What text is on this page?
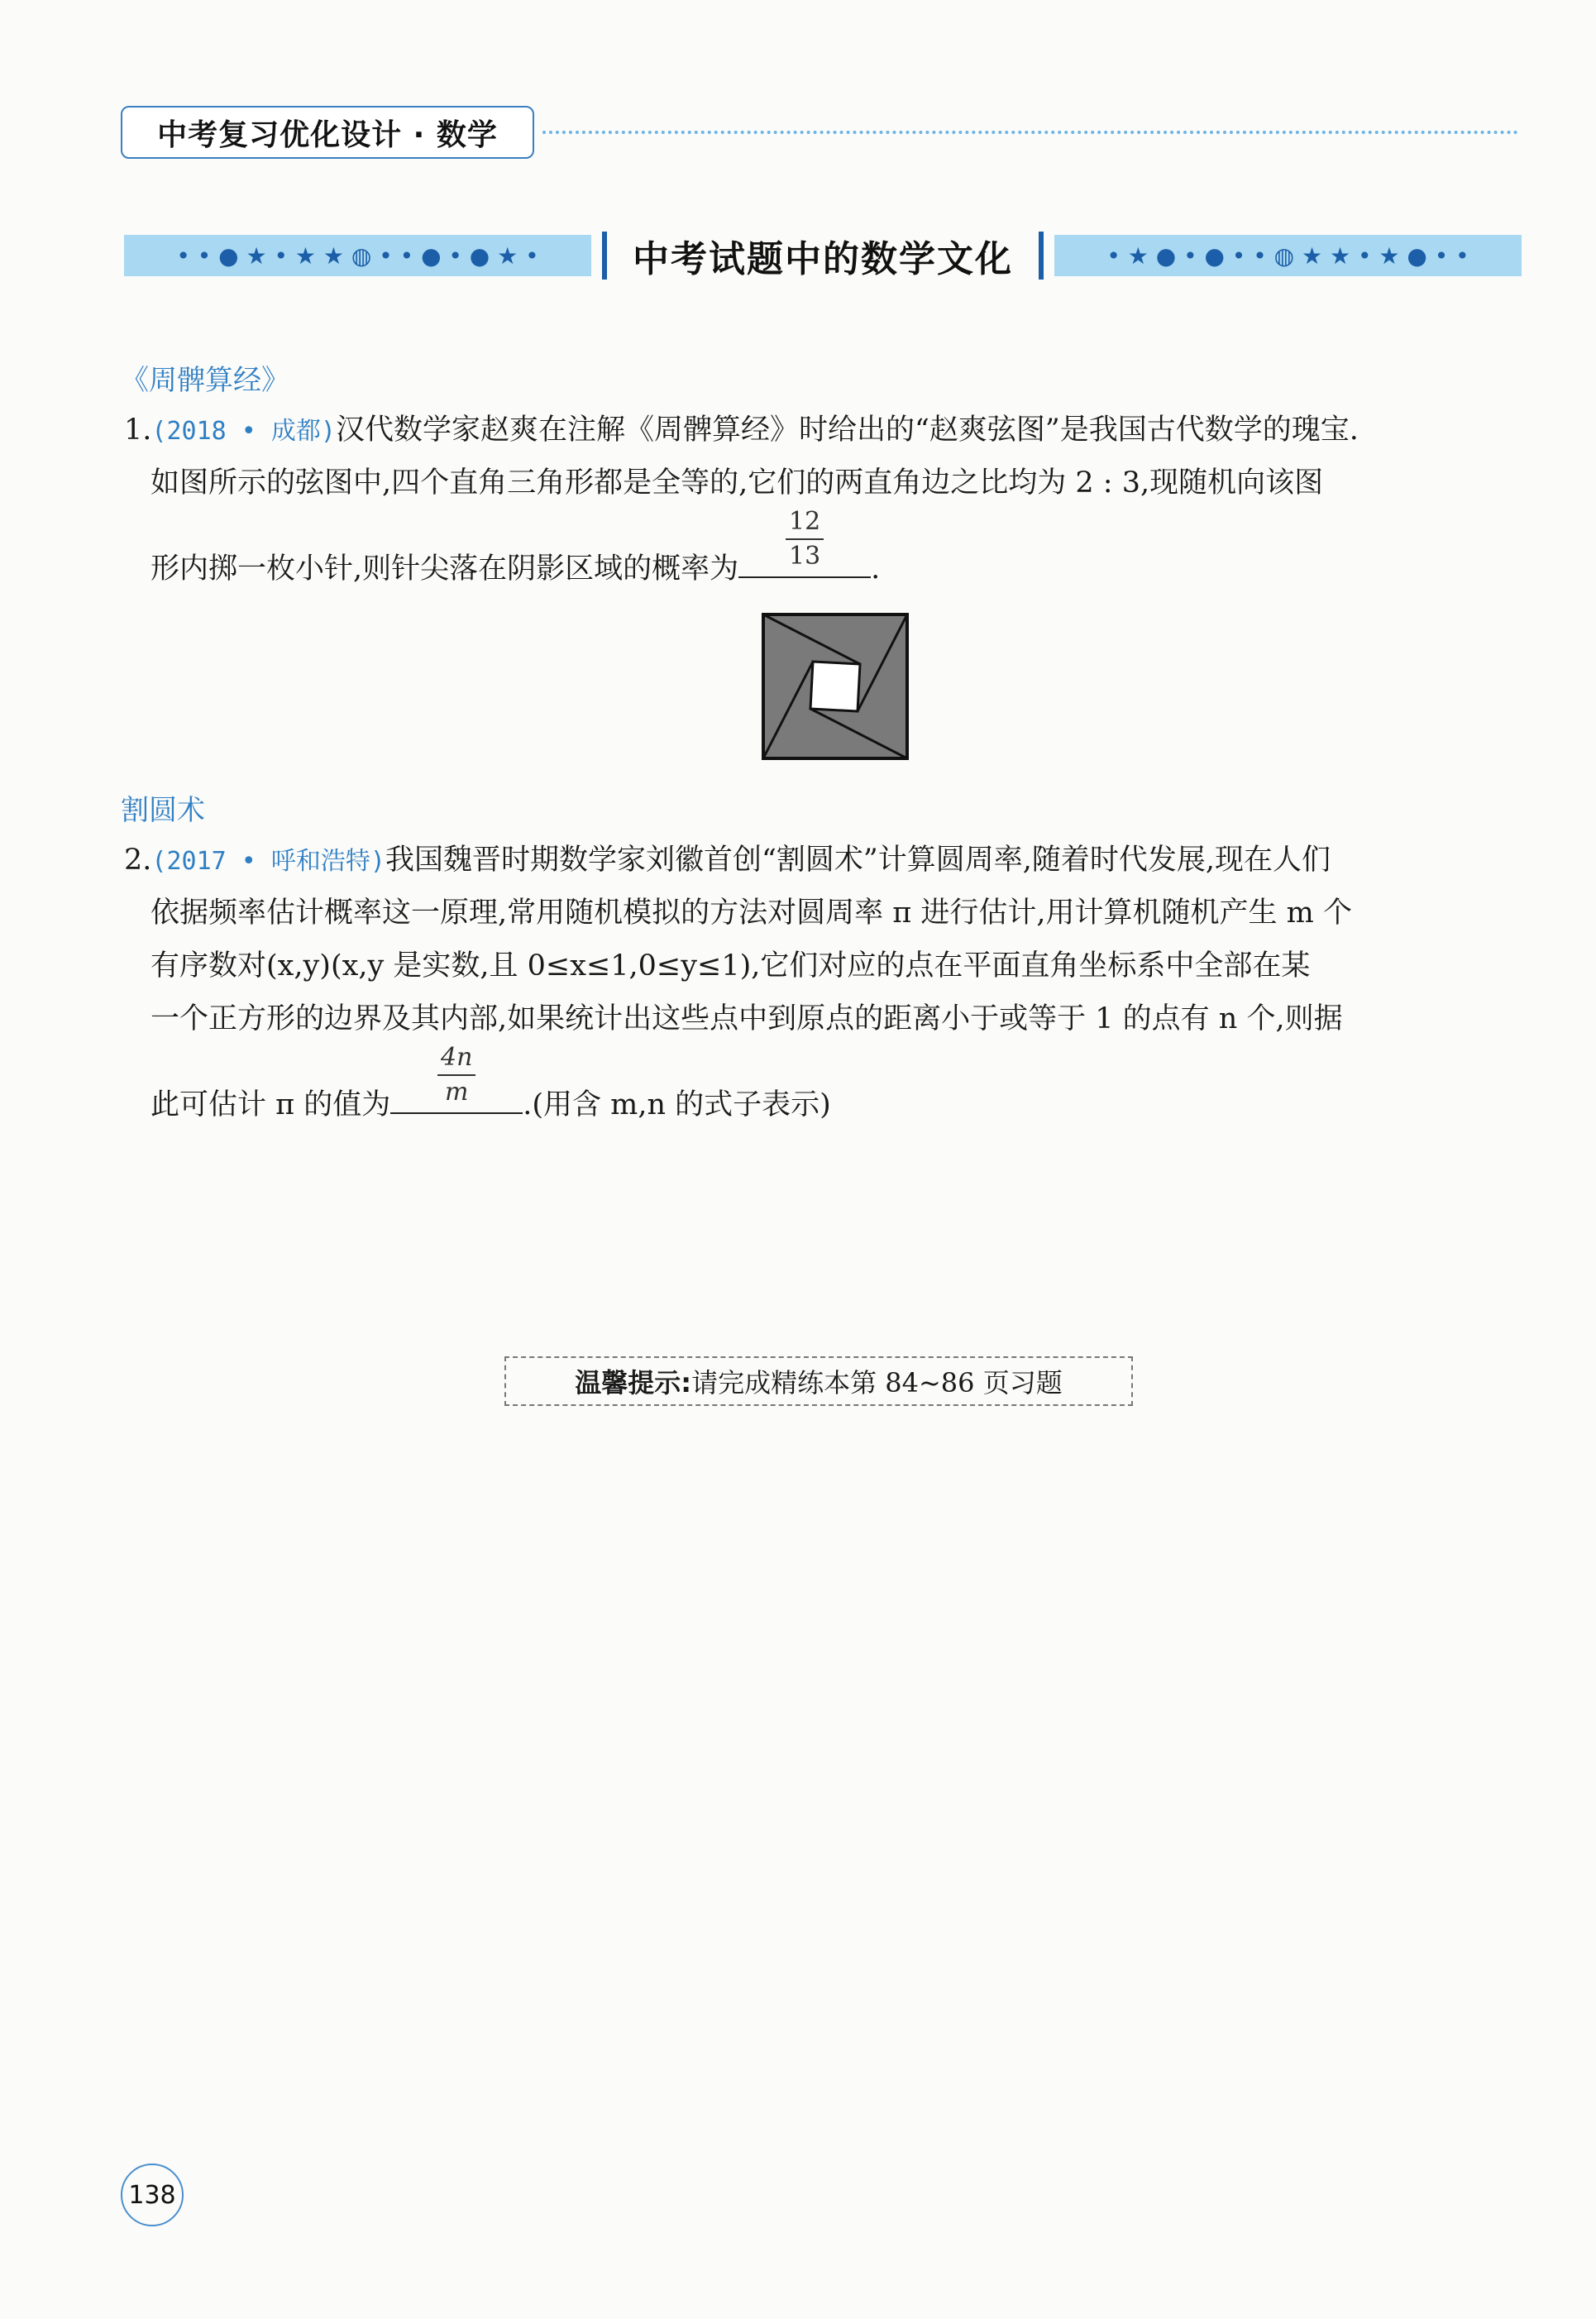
中考复习优化设计 · 数学
• • ● ★ • ★ ★ ◍ • • ● • ● ★ •	中考试题中的数学文化	• ★ ● • ● • • ◍ ★ ★ • ★ ● • •
《周髀算经》
1.(2018 • 成都)汉代数学家赵爽在注解《周髀算经》时给出的“赵爽弦图”是我国古代数学的瑰宝.
如图所示的弦图中,四个直角三角形都是全等的,它们的两直角边之比均为 2 : 3,现随机向该图
形内掷一枚小针,则针尖落在阴影区域的概率为 $\frac{12}{13}$ .
割圆术
2.(2017 • 呼和浩特)我国魏晋时期数学家刘徽首创“割圆术”计算圆周率,随着时代发展,现在人们
依据频率估计概率这一原理,常用随机模拟的方法对圆周率 π 进行估计,用计算机随机产生 m 个
有序数对(x,y)(x,y 是实数,且 0≤x≤1,0≤y≤1),它们对应的点在平面直角坐标系中全部在某
一个正方形的边界及其内部,如果统计出这些点中到原点的距离小于或等于 1 的点有 n 个,则据
此可估计 π 的值为 $\frac{4n}{m}$ .(用含 m,n 的式子表示)
温馨提示: 请完成精练本第 84~86 页习题
138
